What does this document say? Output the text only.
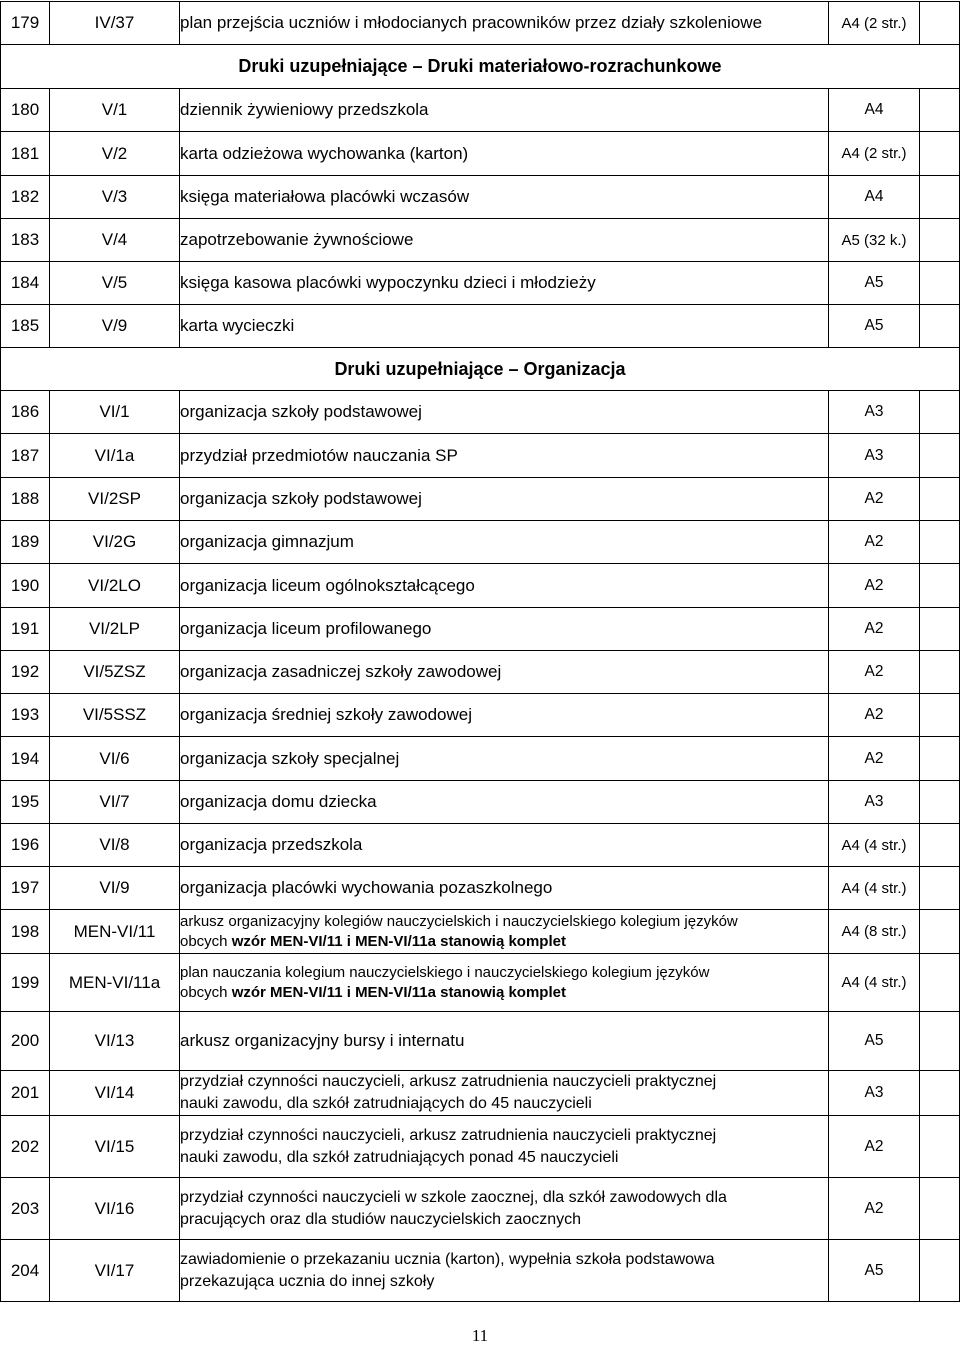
179	IV/37	plan przejścia uczniów i młodocianych pracowników przez działy szkoleniowe	A4 (2 str.)	
Druki uzupełniające – Druki materiałowo-rozrachunkowe				
180	V/1	dziennik żywieniowy przedszkola	A4	
181	V/2	karta odzieżowa wychowanka (karton)	A4 (2 str.)	
182	V/3	księga materiałowa placówki wczasów	A4	
183	V/4	zapotrzebowanie żywnościowe	A5 (32 k.)	
184	V/5	księga kasowa placówki wypoczynku dzieci i młodzieży	A5	
185	V/9	karta wycieczki	A5	
Druki uzupełniające – Organizacja				
186	VI/1	organizacja szkoły podstawowej	A3	
187	VI/1a	przydział przedmiotów nauczania SP	A3	
188	VI/2SP	organizacja szkoły podstawowej	A2	
189	VI/2G	organizacja gimnazjum	A2	
190	VI/2LO	organizacja liceum ogólnokształcącego	A2	
191	VI/2LP	organizacja liceum profilowanego	A2	
192	VI/5ZSZ	organizacja zasadniczej szkoły zawodowej	A2	
193	VI/5SSZ	organizacja średniej szkoły zawodowej	A2	
194	VI/6	organizacja szkoły specjalnej	A2	
195	VI/7	organizacja domu dziecka	A3	
196	VI/8	organizacja przedszkola	A4 (4 str.)	
197	VI/9	organizacja placówki wychowania pozaszkolnego	A4 (4 str.)	
198	MEN-VI/11	arkusz organizacyjny kolegiów nauczycielskich i nauczycielskiego kolegium języków
obcych wzór MEN-VI/11 i MEN-VI/11a stanowią komplet	A4 (8 str.)	
199	MEN-VI/11a	plan nauczania kolegium nauczycielskiego i nauczycielskiego kolegium języków
obcych wzór MEN-VI/11 i MEN-VI/11a stanowią komplet	A4 (4 str.)	
200	VI/13	arkusz organizacyjny bursy i internatu	A5	
201	VI/14	przydział czynności nauczycieli, arkusz zatrudnienia nauczycieli praktycznej
nauki zawodu, dla szkół zatrudniających do 45 nauczycieli	A3	
202	VI/15	przydział czynności nauczycieli, arkusz zatrudnienia nauczycieli praktycznej
nauki zawodu, dla szkół zatrudniających ponad 45 nauczycieli	A2	
203	VI/16	przydział czynności nauczycieli w szkole zaocznej, dla szkół zawodowych dla
pracujących oraz dla studiów nauczycielskich zaocznych	A2	
204	VI/17	zawiadomienie o przekazaniu ucznia (karton), wypełnia szkoła podstawowa
przekazująca ucznia do innej szkoły	A5	
11
